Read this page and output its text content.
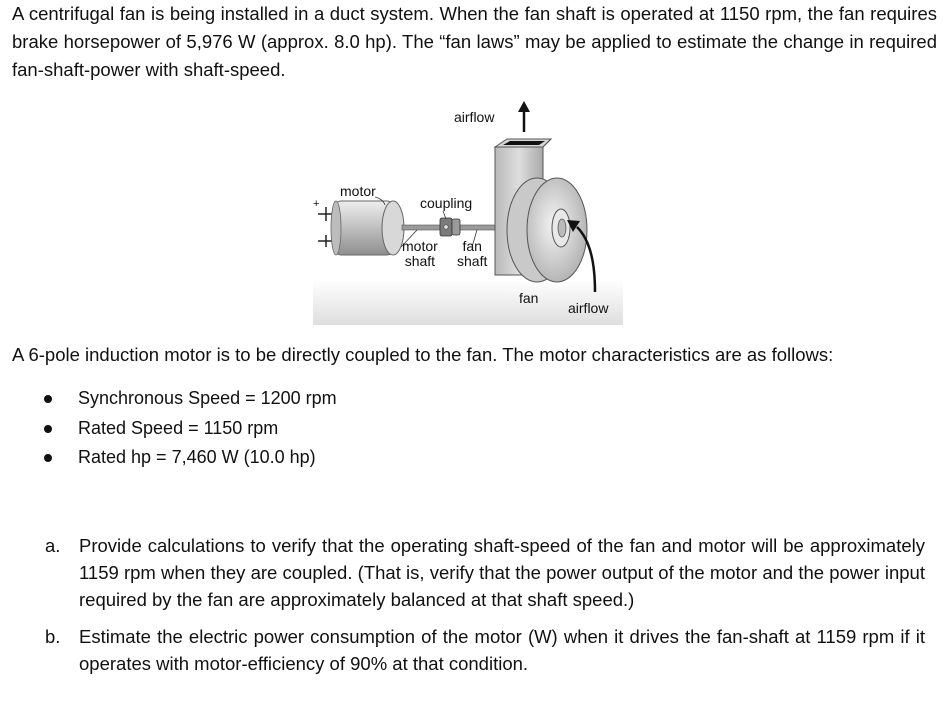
A centrifugal fan is being installed in a duct system. When the fan shaft is operated at 1150 rpm, the fan requires brake horsepower of 5,976 W (approx. 8.0 hp). The “fan laws” may be applied to estimate the change in required fan-shaft-power with shaft-speed.

airflow
motor
+	coupling
motor
shaft
fan
shaft
fan
airflow

A 6-pole induction motor is to be directly coupled to the fan. The motor characteristics are as follows:

Synchronous Speed = 1200 rpm
Rated Speed = 1150 rpm
Rated hp = 7,460 W (10.0 hp)
a. Provide calculations to verify that the operating shaft-speed of the fan and motor will be approximately 1159 rpm when they are coupled. (That is, verify that the power output of the motor and the power input required by the fan are approximately balanced at that shaft speed.)
b. Estimate the electric power consumption of the motor (W) when it drives the fan-shaft at 1159 rpm if it operates with motor-efficiency of 90% at that condition.
